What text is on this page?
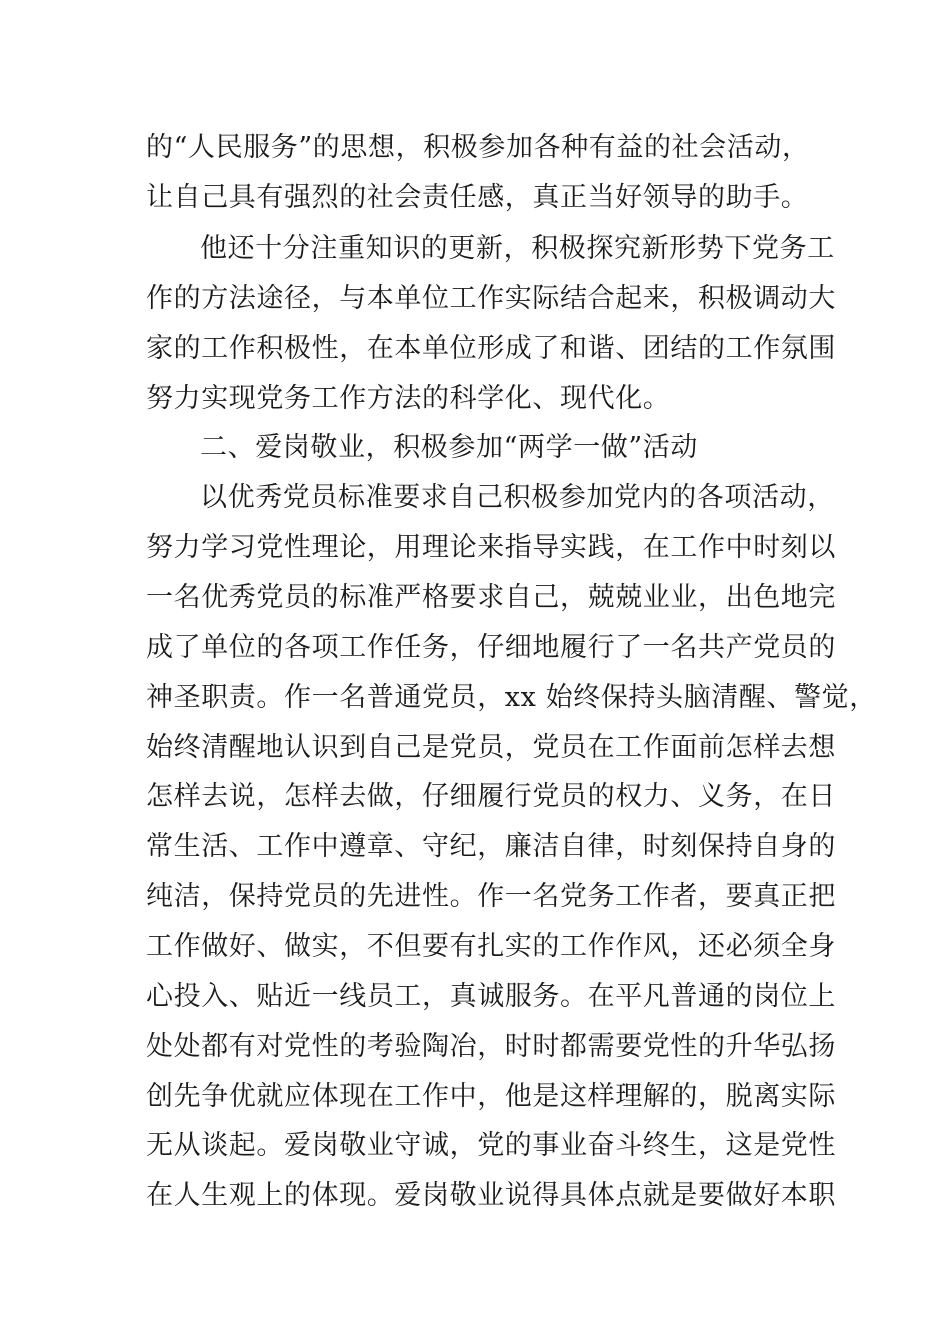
的“人民服务”的思想，积极参加各种有益的社会活动，
让自己具有强烈的社会责任感，真正当好领导的助手。
他还十分注重知识的更新，积极探究新形势下党务工
作的方法途径，与本单位工作实际结合起来，积极调动大
家的工作积极性，在本单位形成了和谐、团结的工作氛围
努力实现党务工作方法的科学化、现代化。
二、爱岗敬业，积极参加“两学一做”活动
以优秀党员标准要求自己积极参加党内的各项活动，
努力学习党性理论，用理论来指导实践，在工作中时刻以
一名优秀党员的标准严格要求自己，兢兢业业，出色地完
成了单位的各项工作任务，仔细地履行了一名共产党员的
神圣职责。作一名普通党员，xx 始终保持头脑清醒、警觉，
始终清醒地认识到自己是党员，党员在工作面前怎样去想
怎样去说，怎样去做，仔细履行党员的权力、义务，在日
常生活、工作中遵章、守纪，廉洁自律，时刻保持自身的
纯洁，保持党员的先进性。作一名党务工作者，要真正把
工作做好、做实，不但要有扎实的工作作风，还必须全身
心投入、贴近一线员工，真诚服务。在平凡普通的岗位上
处处都有对党性的考验陶冶，时时都需要党性的升华弘扬
创先争优就应体现在工作中，他是这样理解的，脱离实际
无从谈起。爱岗敬业守诚，党的事业奋斗终生，这是党性
在人生观上的体现。爱岗敬业说得具体点就是要做好本职
